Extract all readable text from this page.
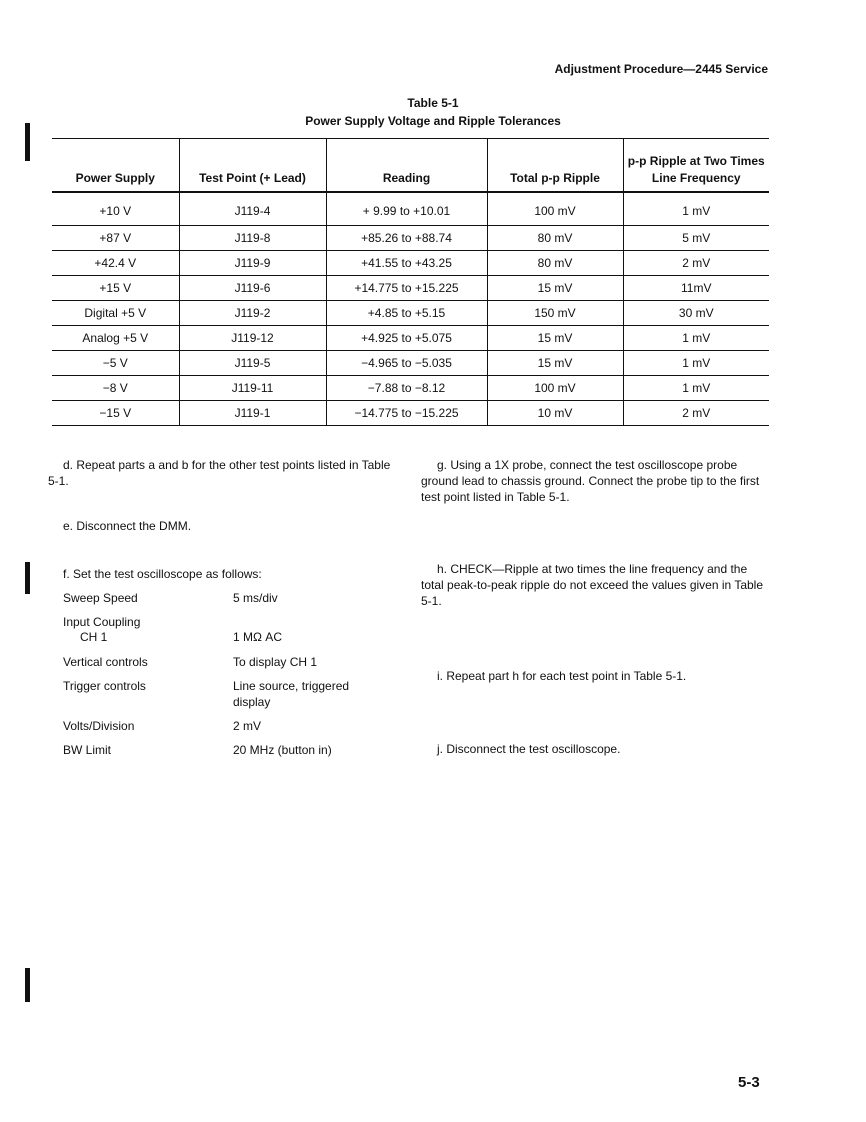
Adjustment Procedure—2445 Service
Table 5-1
Power Supply Voltage and Ripple Tolerances
Power Supply	Test Point (+ Lead)	Reading	Total p-p Ripple	p-p Ripple at Two Times Line Frequency
+10 V	J119-4	+ 9.99 to +10.01	100 mV	1 mV
+87 V	J119-8	+85.26 to +88.74	80 mV	5 mV
+42.4 V	J119-9	+41.55 to +43.25	80 mV	2 mV
+15 V	J119-6	+14.775 to +15.225	15 mV	11mV
Digital +5 V	J119-2	+4.85 to +5.15	150 mV	30 mV
Analog +5 V	J119-12	+4.925 to +5.075	15 mV	1 mV
−5 V	J119-5	−4.965 to −5.035	15 mV	1 mV
−8 V	J119-11	−7.88 to −8.12	100 mV	1 mV
−15 V	J119-1	−14.775 to −15.225	10 mV	2 mV
d. Repeat parts a and b for the other test points listed in Table 5-1.
e. Disconnect the DMM.
f. Set the test oscilloscope as follows:
Sweep Speed	5 ms/div
Input Coupling
CH 1	1 MΩ AC
Vertical controls	To display CH 1
Trigger controls	Line source, triggered display
Volts/Division	2 mV
BW Limit	20 MHz (button in)
g. Using a 1X probe, connect the test oscilloscope probe ground lead to chassis ground. Connect the probe tip to the first test point listed in Table 5-1.
h. CHECK—Ripple at two times the line frequency and the total peak-to-peak ripple do not exceed the values given in Table 5-1.
i. Repeat part h for each test point in Table 5-1.
j. Disconnect the test oscilloscope.
5-3
